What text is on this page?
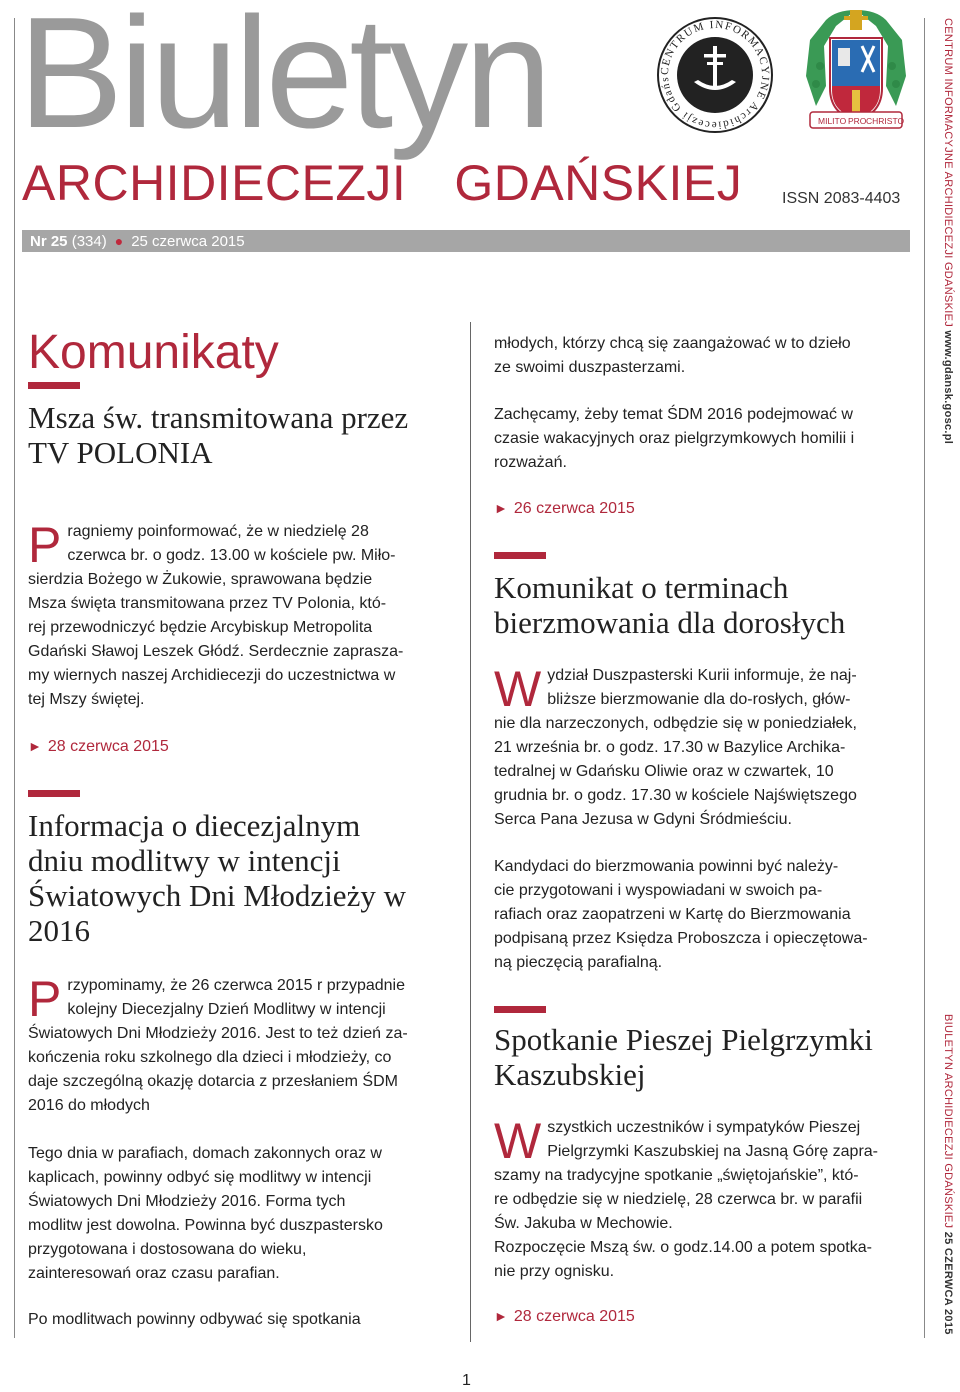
Biuletyn
ARCHIDIECEZJI GDAŃSKIEJ
CENTRUM INFORMACYJNE Archidiecezji Gdańs
MILITO PRO CHRISTO
ISSN 2083-4403
Nr 25 (334) ● 25 czerwca 2015
Komunikaty
Msza św. transmitowana przez
TV POLONIA
P ragniemy poinformować, że w niedzielę 28
czerwca br. o godz. 13.00 w kościele pw. Miło-
sierdzia Bożego w Żukowie, sprawowana będzie
Msza święta transmitowana przez TV Polonia, któ-
rej przewodniczyć będzie Arcybiskup Metropolita
Gdański Sławoj Leszek Głódź. Serdecznie zaprasza-
my wiernych naszej Archidiecezji do uczestnictwa w
tej Mszy świętej.
► 28 czerwca 2015
Informacja o diecezjalnym
dniu modlitwy w intencji
Światowych Dni Młodzieży w
2016
P rzypominamy, że 26 czerwca 2015 r przypadnie
kolejny Diecezjalny Dzień Modlitwy w intencji
Światowych Dni Młodzieży 2016. Jest to też dzień za-
kończenia roku szkolnego dla dzieci i młodzieży, co
daje szczególną okazję dotarcia z przesłaniem ŚDM
2016 do młodych
Tego dnia w parafiach, domach zakonnych oraz w
kaplicach, powinny odbyć się modlitwy w intencji
Światowych Dni Młodzieży 2016. Forma tych
modlitw jest dowolna. Powinna być duszpastersko
przygotowana i dostosowana do wieku,
zainteresowań oraz czasu parafian.
Po modlitwach powinny odbywać się spotkania
młodych, którzy chcą się zaangażować w to dzieło
ze swoimi duszpasterzami.
Zachęcamy, żeby temat ŚDM 2016 podejmować w
czasie wakacyjnych oraz pielgrzymkowych homilii i
rozważań.
► 26 czerwca 2015
Komunikat o terminach
bierzmowania dla dorosłych
W ydział Duszpasterski Kurii informuje, że naj-
bliższe bierzmowanie dla do-rosłych, głów-
nie dla narzeczonych, odbędzie się w poniedziałek,
21 września br. o godz. 17.30 w Bazylice Archika-
tedralnej w Gdańsku Oliwie oraz w czwartek, 10
grudnia br. o godz. 17.30 w kościele Najświętszego
Serca Pana Jezusa w Gdyni Śródmieściu.
Kandydaci do bierzmowania powinni być należy-
cie przygotowani i wyspowiadani w swoich pa-
rafiach oraz zaopatrzeni w Kartę do Bierzmowania
podpisaną przez Księdza Proboszcza i opieczętowa-
ną pieczęcią parafialną.
Spotkanie Pieszej Pielgrzymki
Kaszubskiej
W szystkich uczestników i sympatyków Pieszej
Pielgrzymki Kaszubskiej na Jasną Górę zapra-
szamy na tradycyjne spotkanie „świętojańskie”, któ-
re odbędzie się w niedzielę, 28 czerwca br. w parafii
Św. Jakuba w Mechowie.
Rozpoczęcie Mszą św. o godz.14.00 a potem spotka-
nie przy ognisku.
► 28 czerwca 2015
CENTRUM INFORMACYJNE ARCHIDIECEZJI GDAŃSKIEJ www.gdansk.gosc.pl
BIULETYN ARCHIDIECEZJI GDAŃSKIEJ 25 CZERWCA 2015
1
